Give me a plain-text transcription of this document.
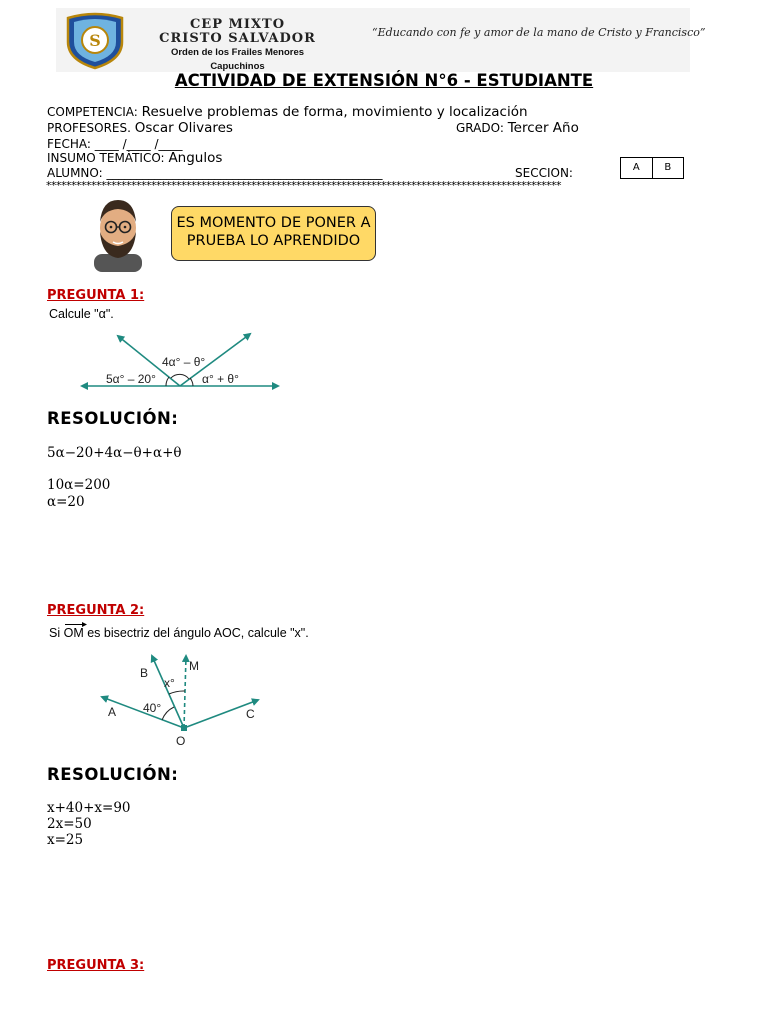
S
CEP MIXTO
CRISTO SALVADOR
Orden de los Frailes Menores Capuchinos
“Educando con fe y amor de la mano de Cristo y Francisco”
ACTIVIDAD DE EXTENSIÓN N°6 - ESTUDIANTE
COMPETENCIA: Resuelve problemas de forma, movimiento y localización
PROFESORES. Oscar Olivares	GRADO: Tercer Año
FECHA: ____ /____ /____
INSUMO TEMÁTICO: Angulos
ALUMNO: ______________________________________________	SECCION:	A	B
*******************************************************************************************************
ES MOMENTO DE PONER A PRUEBA LO APRENDIDO
PREGUNTA 1:
Calcule "α".
4α° – θ°
5α° – 20°	α° + θ°
RESOLUCIÓN:
5α−20+4α−θ+α+θ
10α=200
α=20
PREGUNTA 2:
Si OM es bisectriz del ángulo AOC, calcule "x".
A
B	M
C
O
x°
40°
RESOLUCIÓN:
x+40+x=90
2x=50
x=25
PREGUNTA 3:
